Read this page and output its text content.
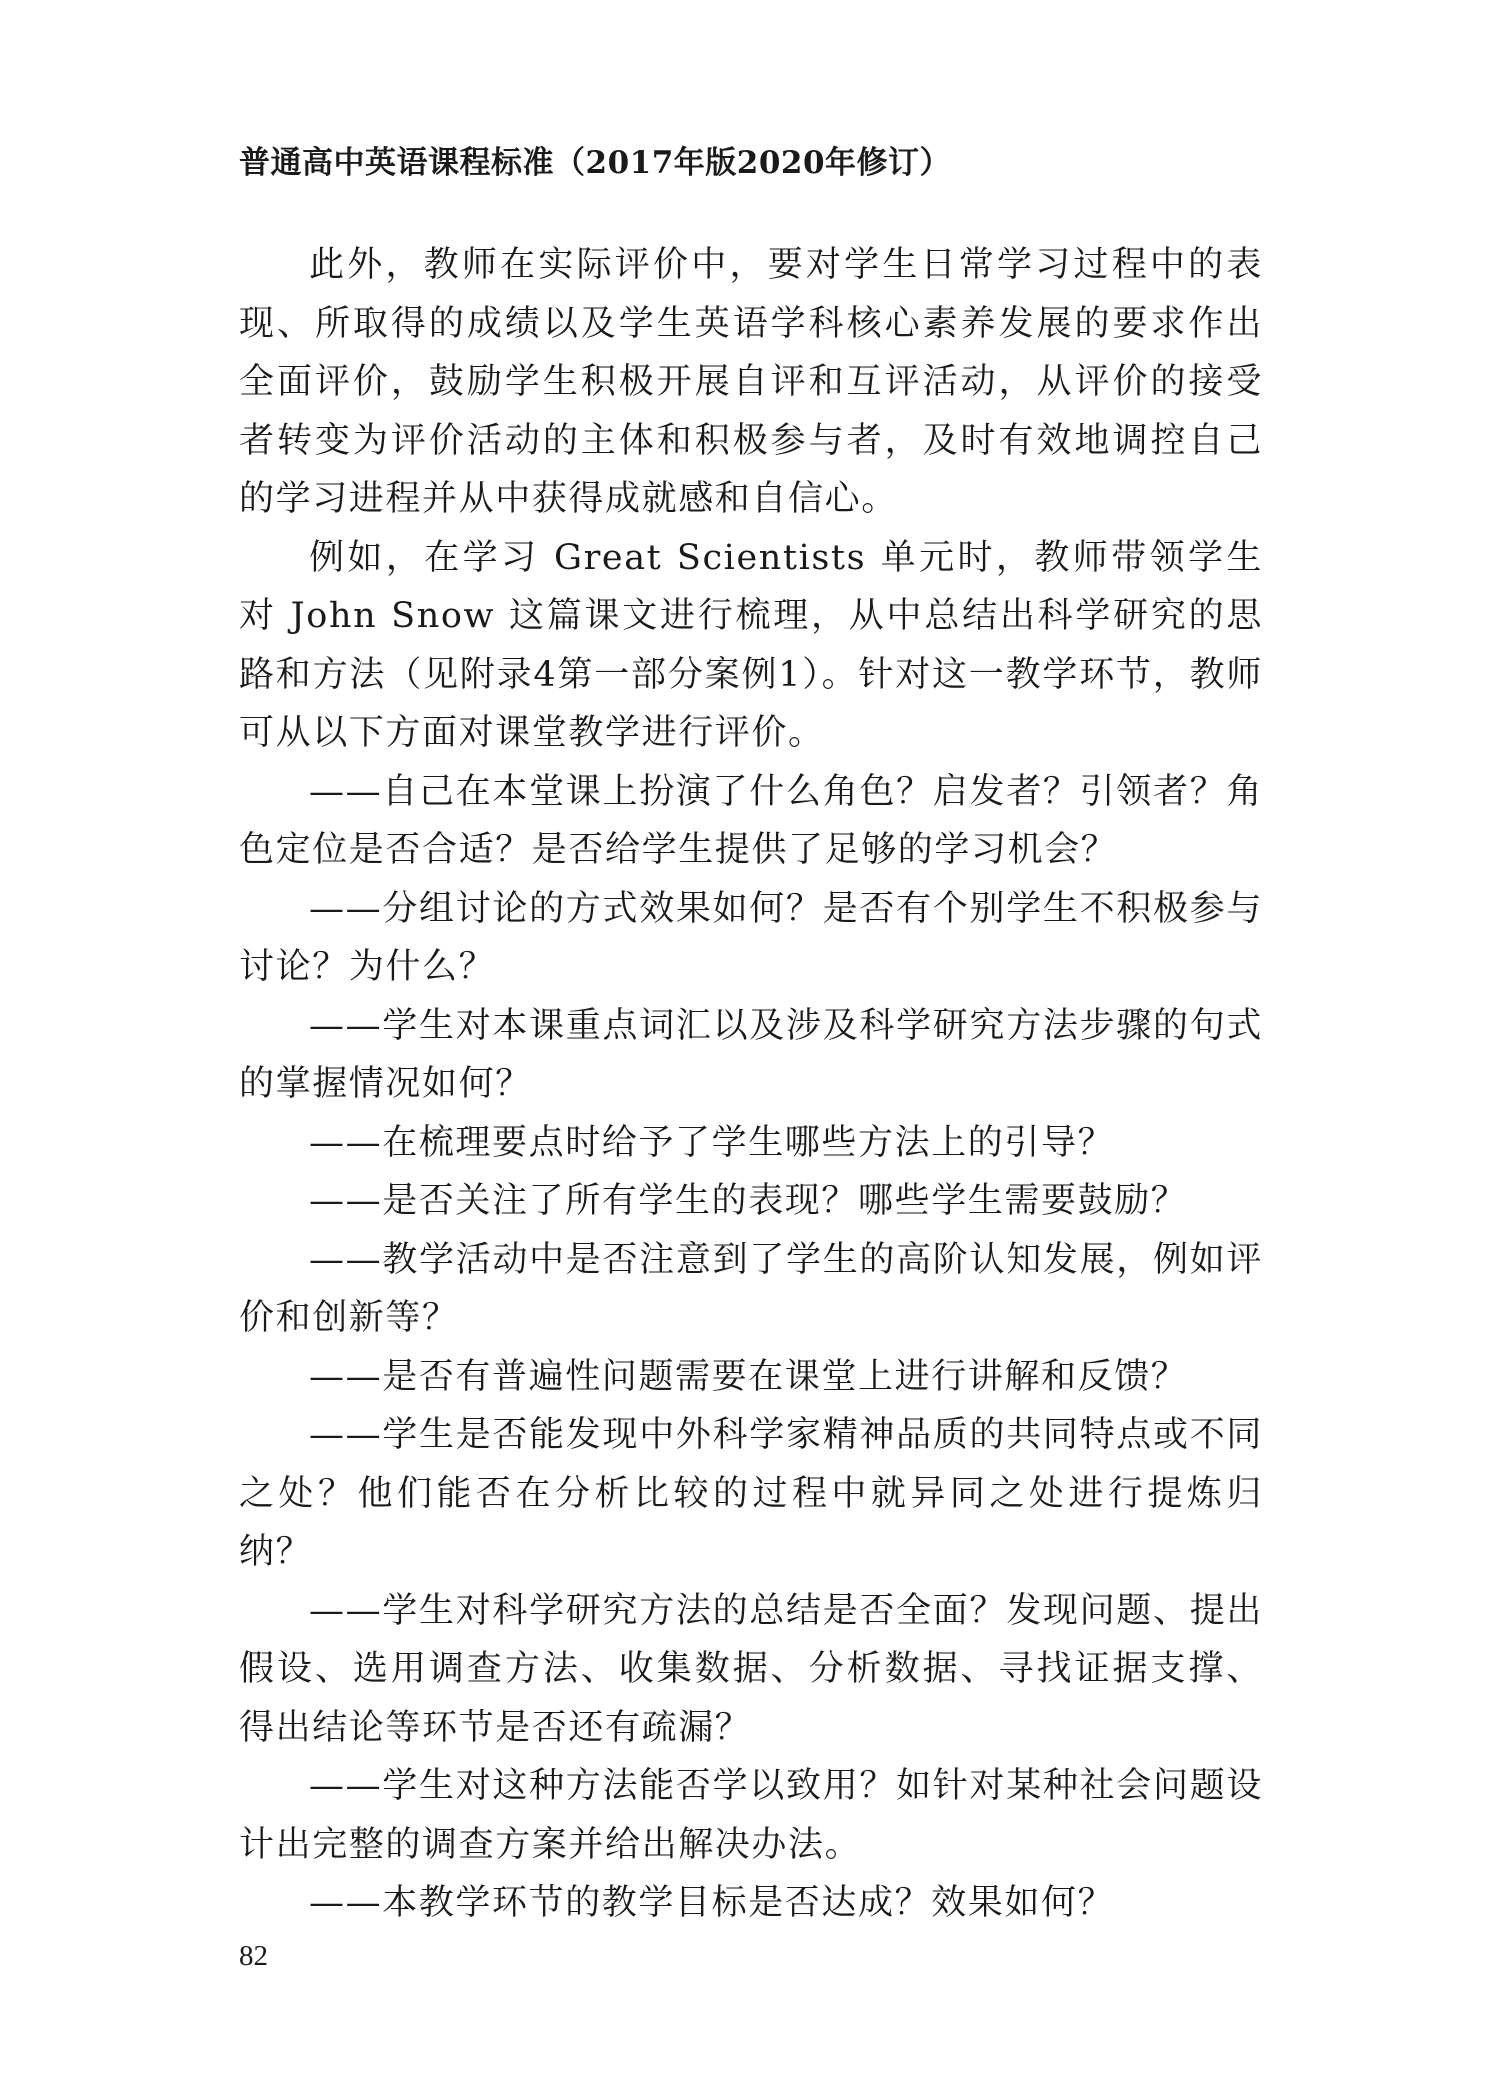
普通高中英语课程标准（2017年版2020年修订）

此外，教师在实际评价中，要对学生日常学习过程中的表现、所取得的成绩以及学生英语学科核心素养发展的要求作出全面评价，鼓励学生积极开展自评和互评活动，从评价的接受者转变为评价活动的主体和积极参与者，及时有效地调控自己的学习进程并从中获得成就感和自信心。

例如，在学习 Great Scientists 单元时，教师带领学生对 John Snow 这篇课文进行梳理，从中总结出科学研究的思路和方法（见附录4第一部分案例1）。针对这一教学环节，教师可从以下方面对课堂教学进行评价。

——自己在本堂课上扮演了什么角色？启发者？引领者？角色定位是否合适？是否给学生提供了足够的学习机会？

——分组讨论的方式效果如何？是否有个别学生不积极参与讨论？为什么？

——学生对本课重点词汇以及涉及科学研究方法步骤的句式的掌握情况如何？

——在梳理要点时给予了学生哪些方法上的引导？

——是否关注了所有学生的表现？哪些学生需要鼓励？

——教学活动中是否注意到了学生的高阶认知发展，例如评价和创新等？

——是否有普遍性问题需要在课堂上进行讲解和反馈？

——学生是否能发现中外科学家精神品质的共同特点或不同之处？他们能否在分析比较的过程中就异同之处进行提炼归纳？

——学生对科学研究方法的总结是否全面？发现问题、提出假设、选用调查方法、收集数据、分析数据、寻找证据支撑、得出结论等环节是否还有疏漏？

——学生对这种方法能否学以致用？如针对某种社会问题设计出完整的调查方案并给出解决办法。

——本教学环节的教学目标是否达成？效果如何？

82
